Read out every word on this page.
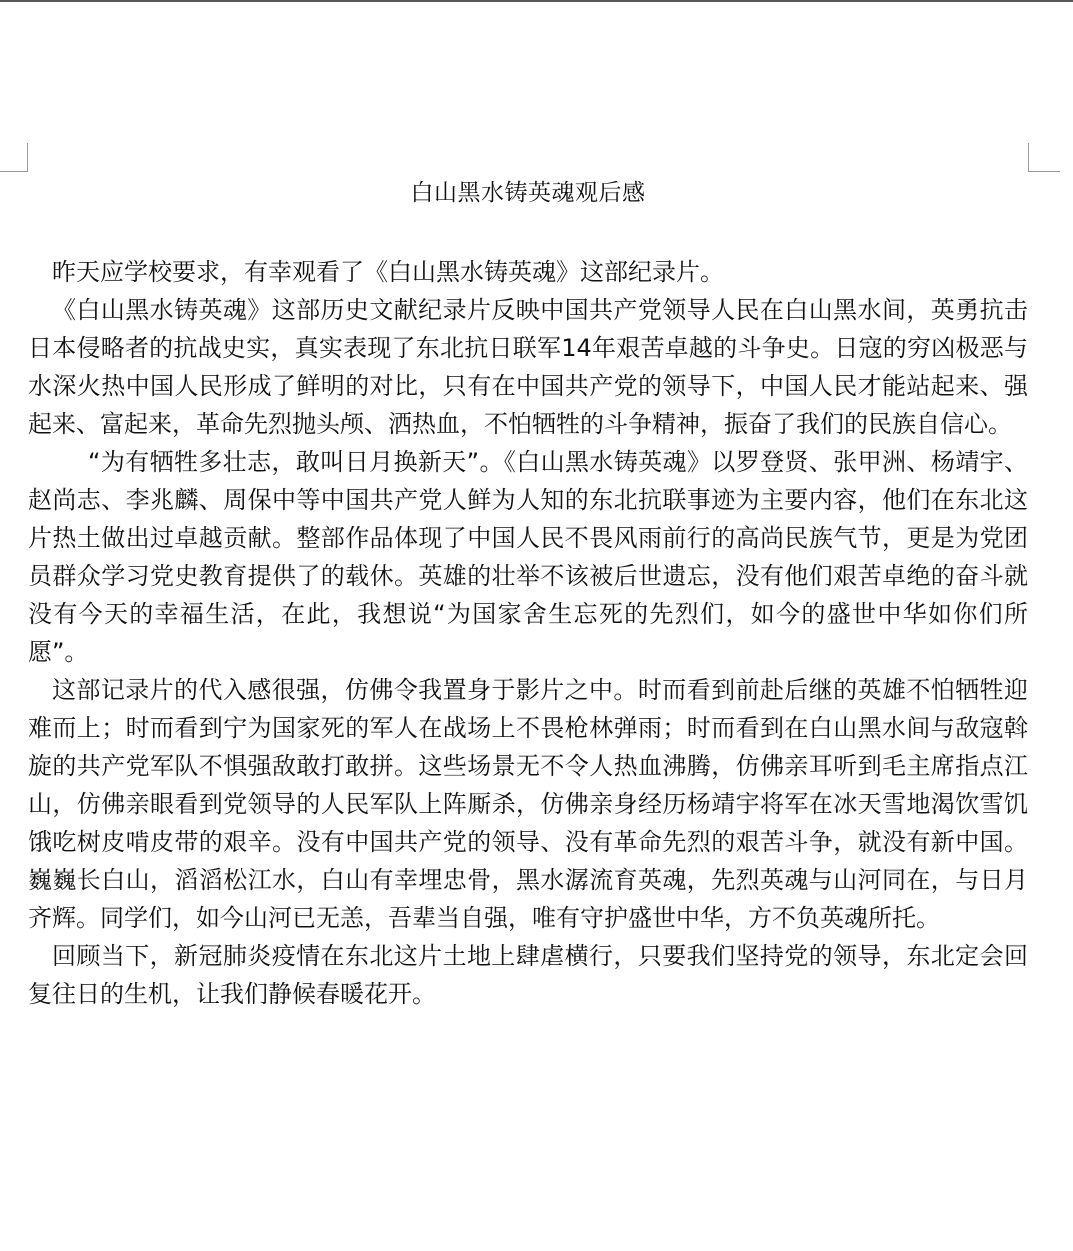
白山黑水铸英魂观后感

昨天应学校要求，有幸观看了《白山黑水铸英魂》这部纪录片。

《白山黑水铸英魂》这部历史文献纪录片反映中国共产党领导人民在白山黑水间，英勇抗击日本侵略者的抗战史实，真实表现了东北抗日联军14年艰苦卓越的斗争史。日寇的穷凶极恶与水深火热中国人民形成了鲜明的对比，只有在中国共产党的领导下，中国人民才能站起来、强起来、富起来，革命先烈抛头颅、洒热血，不怕牺牲的斗争精神，振奋了我们的民族自信心。

“为有牺牲多壮志，敢叫日月换新天”。《白山黑水铸英魂》以罗登贤、张甲洲、杨靖宇、赵尚志、李兆麟、周保中等中国共产党人鲜为人知的东北抗联事迹为主要内容，他们在东北这片热土做出过卓越贡献。整部作品体现了中国人民不畏风雨前行的高尚民族气节，更是为党团员群众学习党史教育提供了的载休。英雄的壮举不该被后世遗忘，没有他们艰苦卓绝的奋斗就没有今天的幸福生活，在此，我想说“为国家舍生忘死的先烈们，如今的盛世中华如你们所愿”。

这部记录片的代入感很强，仿佛令我置身于影片之中。时而看到前赴后继的英雄不怕牺牲迎难而上；时而看到宁为国家死的军人在战场上不畏枪林弹雨；时而看到在白山黑水间与敌寇斡旋的共产党军队不惧强敌敢打敢拼。这些场景无不令人热血沸腾，仿佛亲耳听到毛主席指点江山，仿佛亲眼看到党领导的人民军队上阵厮杀，仿佛亲身经历杨靖宇将军在冰天雪地渴饮雪饥饿吃树皮啃皮带的艰辛。没有中国共产党的领导、没有革命先烈的艰苦斗争，就没有新中国。巍巍长白山，滔滔松江水，白山有幸埋忠骨，黑水潺流育英魂，先烈英魂与山河同在，与日月齐辉。同学们，如今山河已无恙，吾辈当自强，唯有守护盛世中华，方不负英魂所托。

回顾当下，新冠肺炎疫情在东北这片土地上肆虐横行，只要我们坚持党的领导，东北定会回复往日的生机，让我们静候春暖花开。
